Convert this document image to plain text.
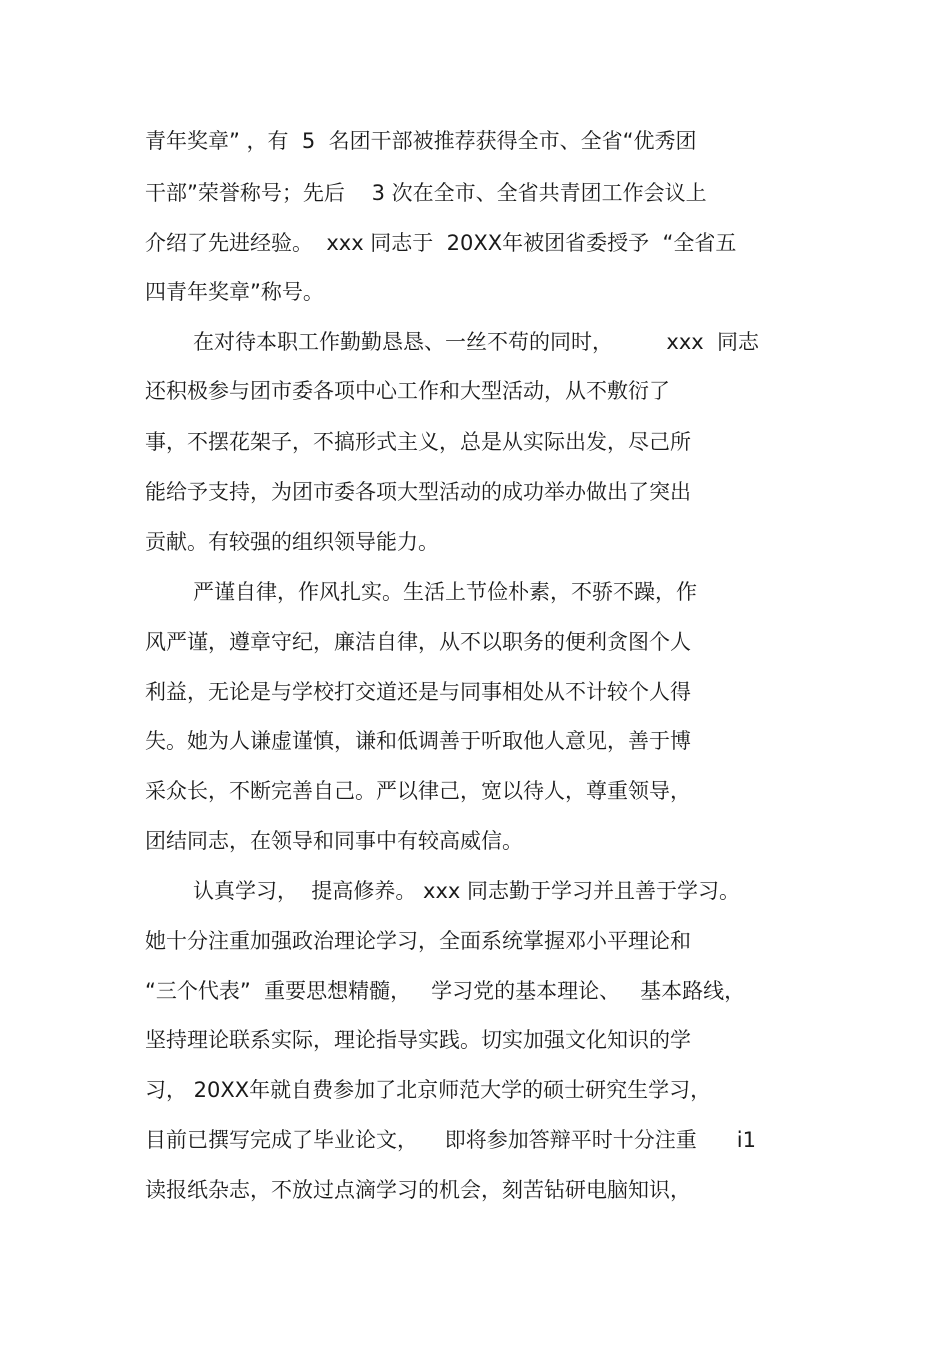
青年奖章” ，有  5  名团干部被推荐获得全市、全省“优秀团
干部”荣誉称号；先后    3 次在全市、全省共青团工作会议上
介绍了先进经验。  xxx 同志于  20XX年被团省委授予  “全省五
四青年奖章”称号。
在对待本职工作勤勤恳恳、一丝不苟的同时，        xxx  同志
还积极参与团市委各项中心工作和大型活动，从不敷衍了
事，不摆花架子，不搞形式主义，总是从实际出发，尽己所
能给予支持，为团市委各项大型活动的成功举办做出了突出
贡献。有较强的组织领导能力。
严谨自律，作风扎实。生活上节俭朴素，不骄不躁，作
风严谨，遵章守纪，廉洁自律，从不以职务的便利贪图个人
利益，无论是与学校打交道还是与同事相处从不计较个人得
失。她为人谦虚谨慎，谦和低调善于听取他人意见，善于博
采众长，不断完善自己。严以律己，宽以待人，尊重领导，
团结同志，在领导和同事中有较高威信。
认真学习，  提高修养。 xxx 同志勤于学习并且善于学习。
她十分注重加强政治理论学习，全面系统掌握邓小平理论和
“三个代表”  重要思想精髓，   学习党的基本理论、   基本路线，
坚持理论联系实际，理论指导实践。切实加强文化知识的学
习， 20XX年就自费参加了北京师范大学的硕士研究生学习，
目前已撰写完成了毕业论文，    即将参加答辩平时十分注重      i1
读报纸杂志，不放过点滴学习的机会，刻苦钻研电脑知识，
